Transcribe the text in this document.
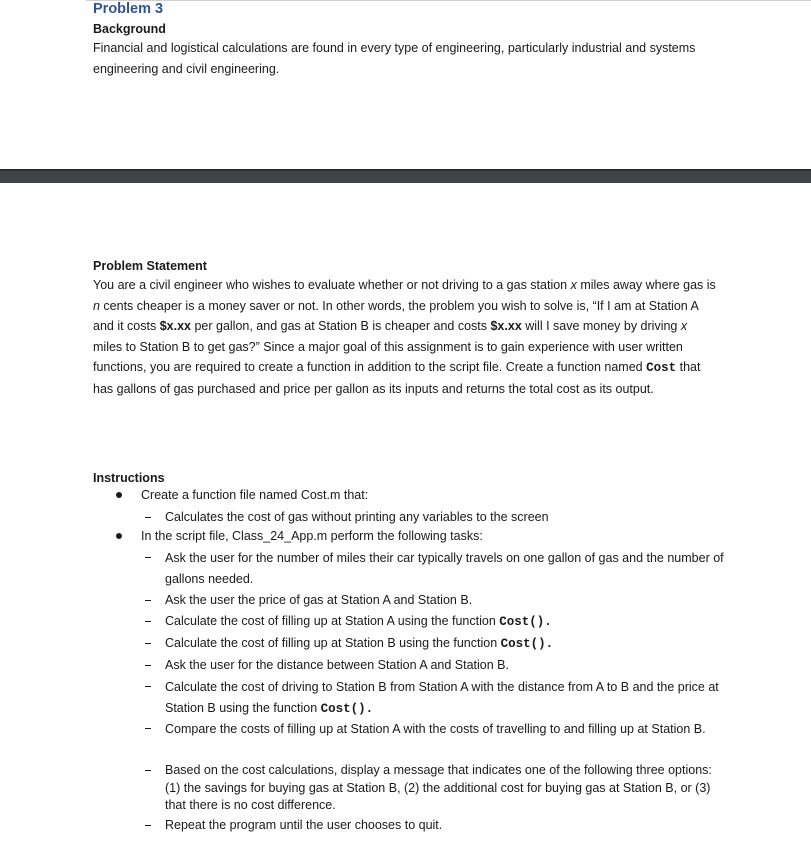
Problem 3
Background
Financial and logistical calculations are found in every type of engineering, particularly industrial and systems engineering and civil engineering.
Problem Statement

You are a civil engineer who wishes to evaluate whether or not driving to a gas station x miles away where gas is n cents cheaper is a money saver or not. In other words, the problem you wish to solve is, “If I am at Station A and it costs $x.xx per gallon, and gas at Station B is cheaper and costs $x.xx will I save money by driving x miles to Station B to get gas?” Since a major goal of this assignment is to gain experience with user written functions, you are required to create a function in addition to the script file. Create a function named Cost that has gallons of gas purchased and price per gallon as its inputs and returns the total cost as its output.

Instructions
Create a function file named Cost.m that:
Calculates the cost of gas without printing any variables to the screen
In the script file, Class_24_App.m perform the following tasks:
Ask the user for the number of miles their car typically travels on one gallon of gas and the number of gallons needed.
Ask the user the price of gas at Station A and Station B.
Calculate the cost of filling up at Station A using the function Cost().
Calculate the cost of filling up at Station B using the function Cost().
Ask the user for the distance between Station A and Station B.
Calculate the cost of driving to Station B from Station A with the distance from A to B and the price at Station B using the function Cost().
Compare the costs of filling up at Station A with the costs of travelling to and filling up at Station B.
Based on the cost calculations, display a message that indicates one of the following three options: (1) the savings for buying gas at Station B, (2) the additional cost for buying gas at Station B, or (3) that there is no cost difference.
Repeat the program until the user chooses to quit.
